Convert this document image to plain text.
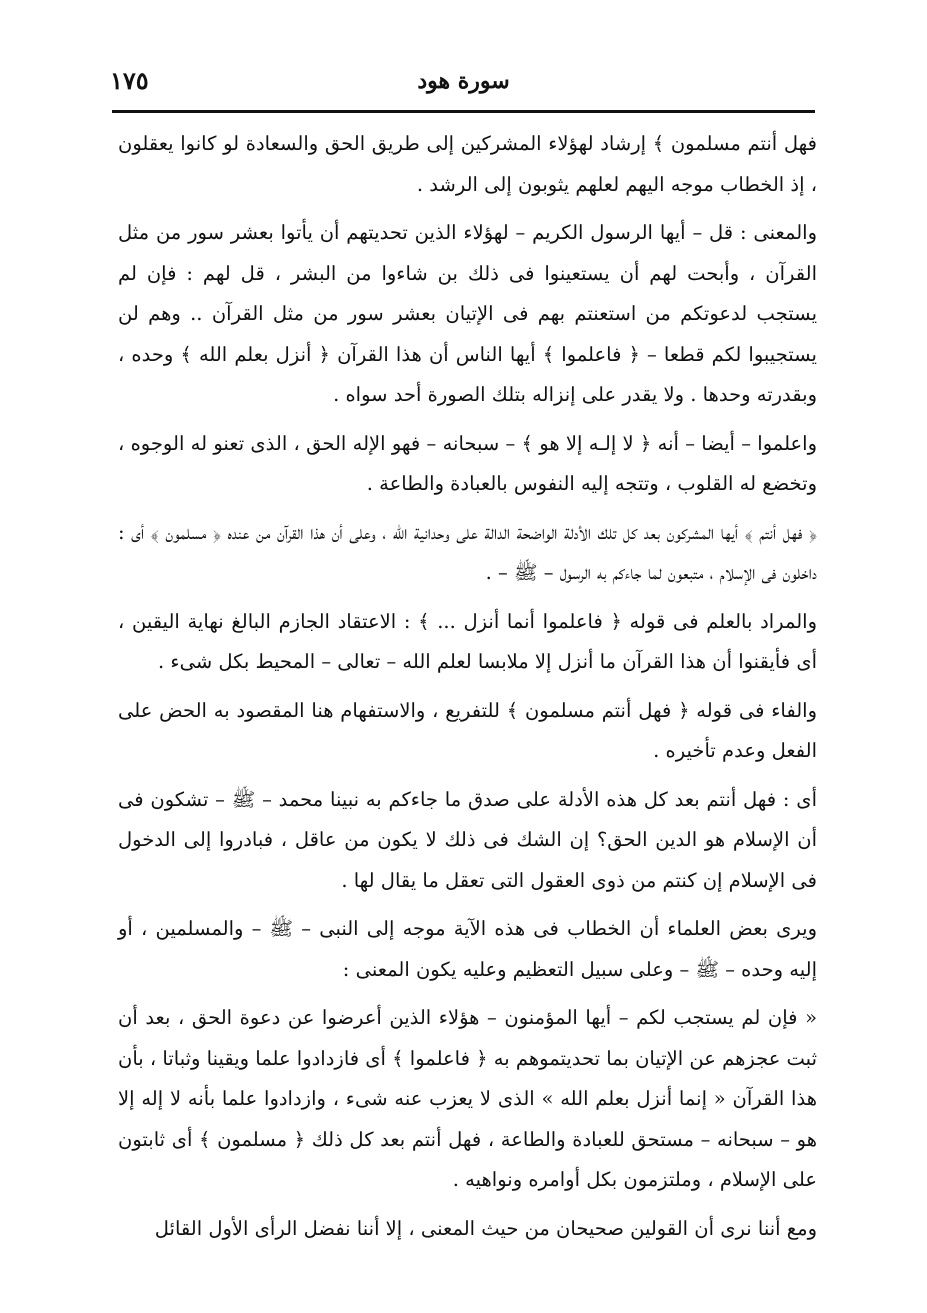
سورة هود
١٧٥

فهل أنتم مسلمون ﴾ إرشاد لهؤلاء المشركين إلى طريق الحق والسعادة لو كانوا يعقلون ، إذ الخطاب موجه اليهم لعلهم يثوبون إلى الرشد .

والمعنى : قل – أيها الرسول الكريم – لهؤلاء الذين تحديتهم أن يأتوا بعشر سور من مثل القرآن ، وأبحت لهم أن يستعينوا فى ذلك بن شاءوا من البشر ، قل لهم : فإن لم يستجب لدعوتكم من استعنتم بهم فى الإتيان بعشر سور من مثل القرآن .. وهم لن يستجيبوا لكم قطعا – ﴿ فاعلموا ﴾ أيها الناس أن هذا القرآن ﴿ أنزل بعلم الله ﴾ وحده ، وبقدرته وحدها . ولا يقدر على إنزاله بتلك الصورة أحد سواه .

واعلموا – أيضا – أنه ﴿ لا إلـه إلا هو ﴾ – سبحانه – فهو الإله الحق ، الذى تعنو له الوجوه ، وتخضع له القلوب ، وتتجه إليه النفوس بالعبادة والطاعة .

﴿ فهل أنتم ﴾ أيها المشركون بعد كل تلك الأدلة الواضحة الدالة على وحدانية الله ، وعلى أن هذا القرآن من عنده ﴿ مسلمون ﴾ أى : داخلون فى الإسلام ، متبعون لما جاءكم به الرسول – ﷺ – .

والمراد بالعلم فى قوله ﴿ فاعلموا أنما أنزل ... ﴾ : الاعتقاد الجازم البالغ نهاية اليقين ، أى فأيقنوا أن هذا القرآن ما أنزل إلا ملابسا لعلم الله – تعالى – المحيط بكل شىء .

والفاء فى قوله ﴿ فهل أنتم مسلمون ﴾ للتفريع ، والاستفهام هنا المقصود به الحض على الفعل وعدم تأخيره .

أى : فهل أنتم بعد كل هذه الأدلة على صدق ما جاءكم به نبينا محمد – ﷺ – تشكون فى أن الإسلام هو الدين الحق؟ إن الشك فى ذلك لا يكون من عاقل ، فبادروا إلى الدخول فى الإسلام إن كنتم من ذوى العقول التى تعقل ما يقال لها .

ويرى بعض العلماء أن الخطاب فى هذه الآية موجه إلى النبى – ﷺ – والمسلمين ، أو إليه وحده – ﷺ – وعلى سبيل التعظيم وعليه يكون المعنى :

« فإن لم يستجب لكم – أيها المؤمنون – هؤلاء الذين أعرضوا عن دعوة الحق ، بعد أن ثبت عجزهم عن الإتيان بما تحديتموهم به ﴿ فاعلموا ﴾ أى فازدادوا علما ويقينا وثباتا ، بأن هذا القرآن « إنما أنزل بعلم الله » الذى لا يعزب عنه شىء ، وازدادوا علما بأنه لا إله إلا هو – سبحانه – مستحق للعبادة والطاعة ، فهل أنتم بعد كل ذلك ﴿ مسلمون ﴾ أى ثابتون على الإسلام ، وملتزمون بكل أوامره ونواهيه .

ومع أننا نرى أن القولين صحيحان من حيث المعنى ، إلا أننا نفضل الرأى الأول القائل
